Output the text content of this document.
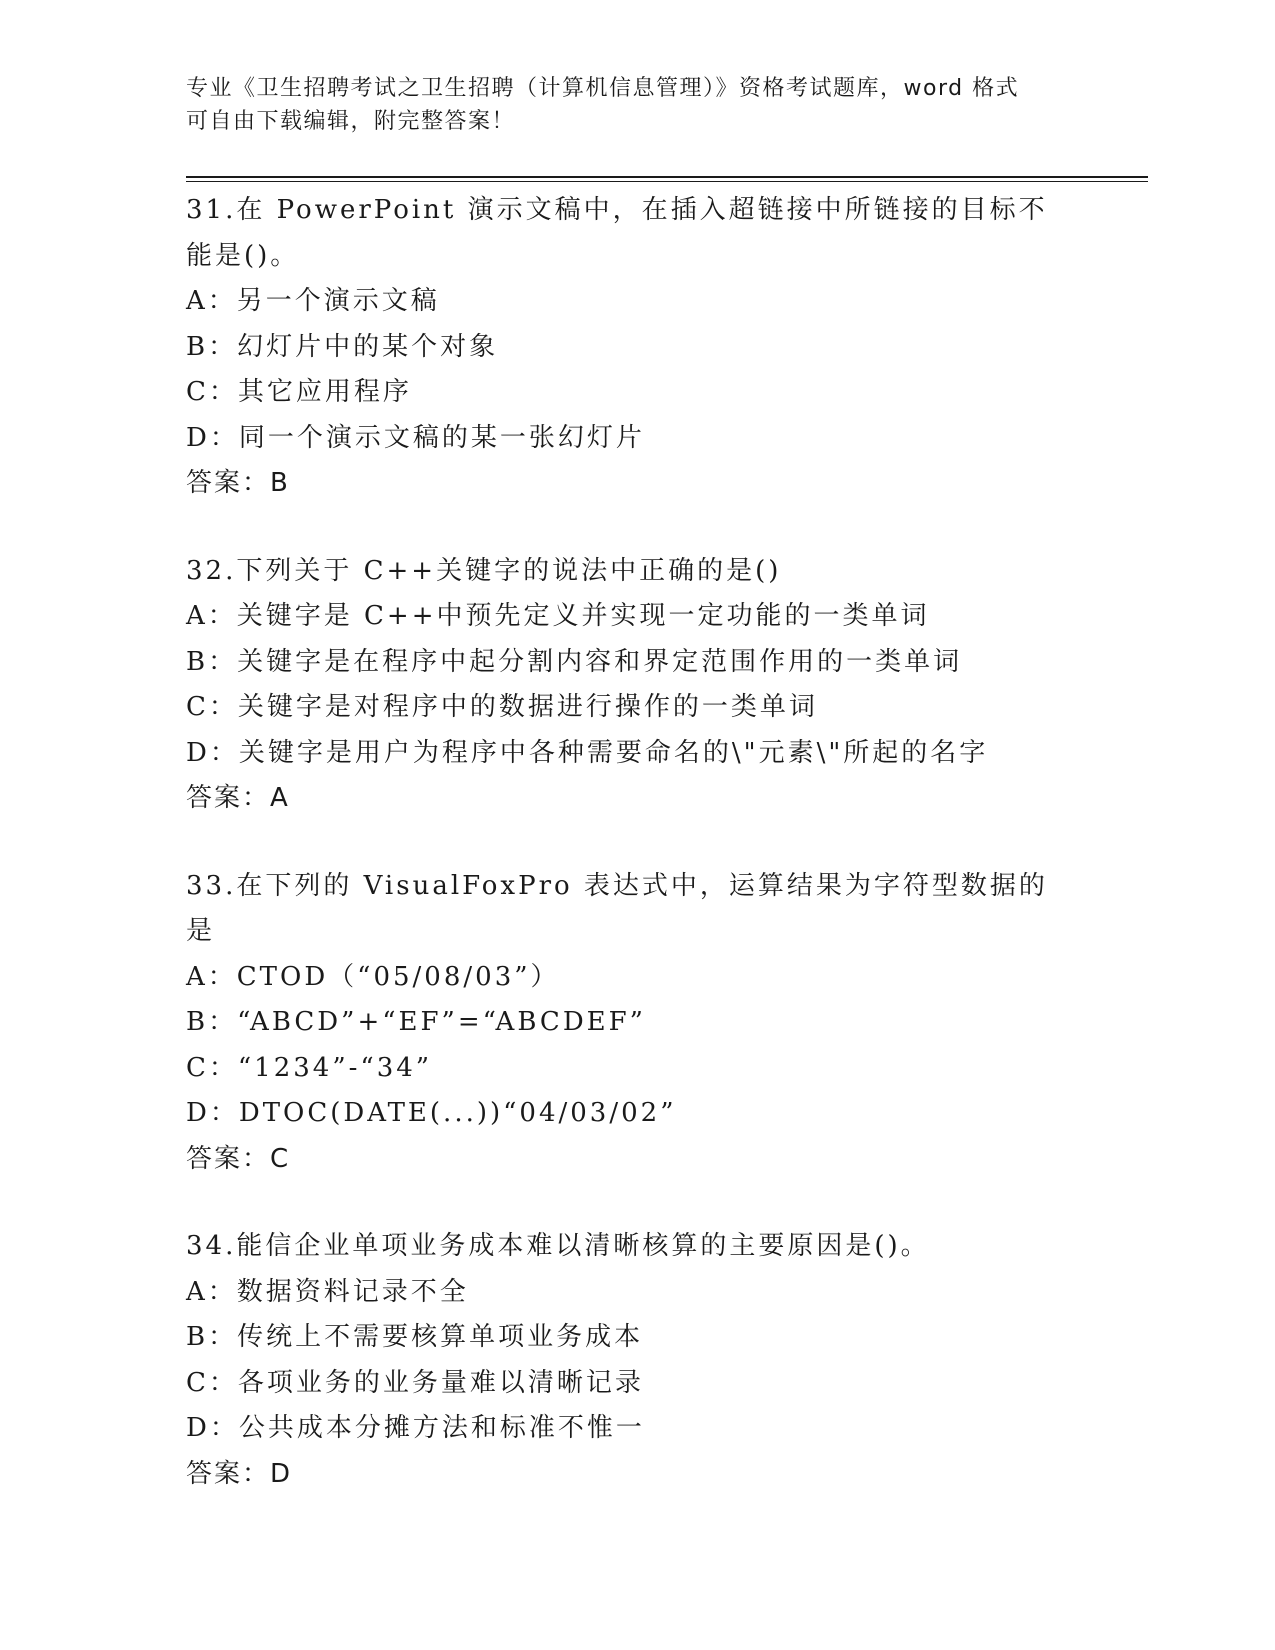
专业《卫生招聘考试之卫生招聘（计算机信息管理）》资格考试题库，word 格式
可自由下载编辑，附完整答案！
31.在 PowerPoint 演示文稿中，在插入超链接中所链接的目标不能是()。
A：另一个演示文稿
B：幻灯片中的某个对象
C：其它应用程序
D：同一个演示文稿的某一张幻灯片
答案：B
32.下列关于 C++关键字的说法中正确的是()
A：关键字是 C++中预先定义并实现一定功能的一类单词
B：关键字是在程序中起分割内容和界定范围作用的一类单词
C：关键字是对程序中的数据进行操作的一类单词
D：关键字是用户为程序中各种需要命名的\"元素\"所起的名字
答案：A
33.在下列的 VisualFoxPro 表达式中，运算结果为字符型数据的是
A：CTOD（“05/08/03”）
B：“ABCD”+“EF”=“ABCDEF”
C：“1234”-“34”
D：DTOC(DATE(...))“04/03/02”
答案：C
34.能信企业单项业务成本难以清晰核算的主要原因是()。
A：数据资料记录不全
B：传统上不需要核算单项业务成本
C：各项业务的业务量难以清晰记录
D：公共成本分摊方法和标准不惟一
答案：D
